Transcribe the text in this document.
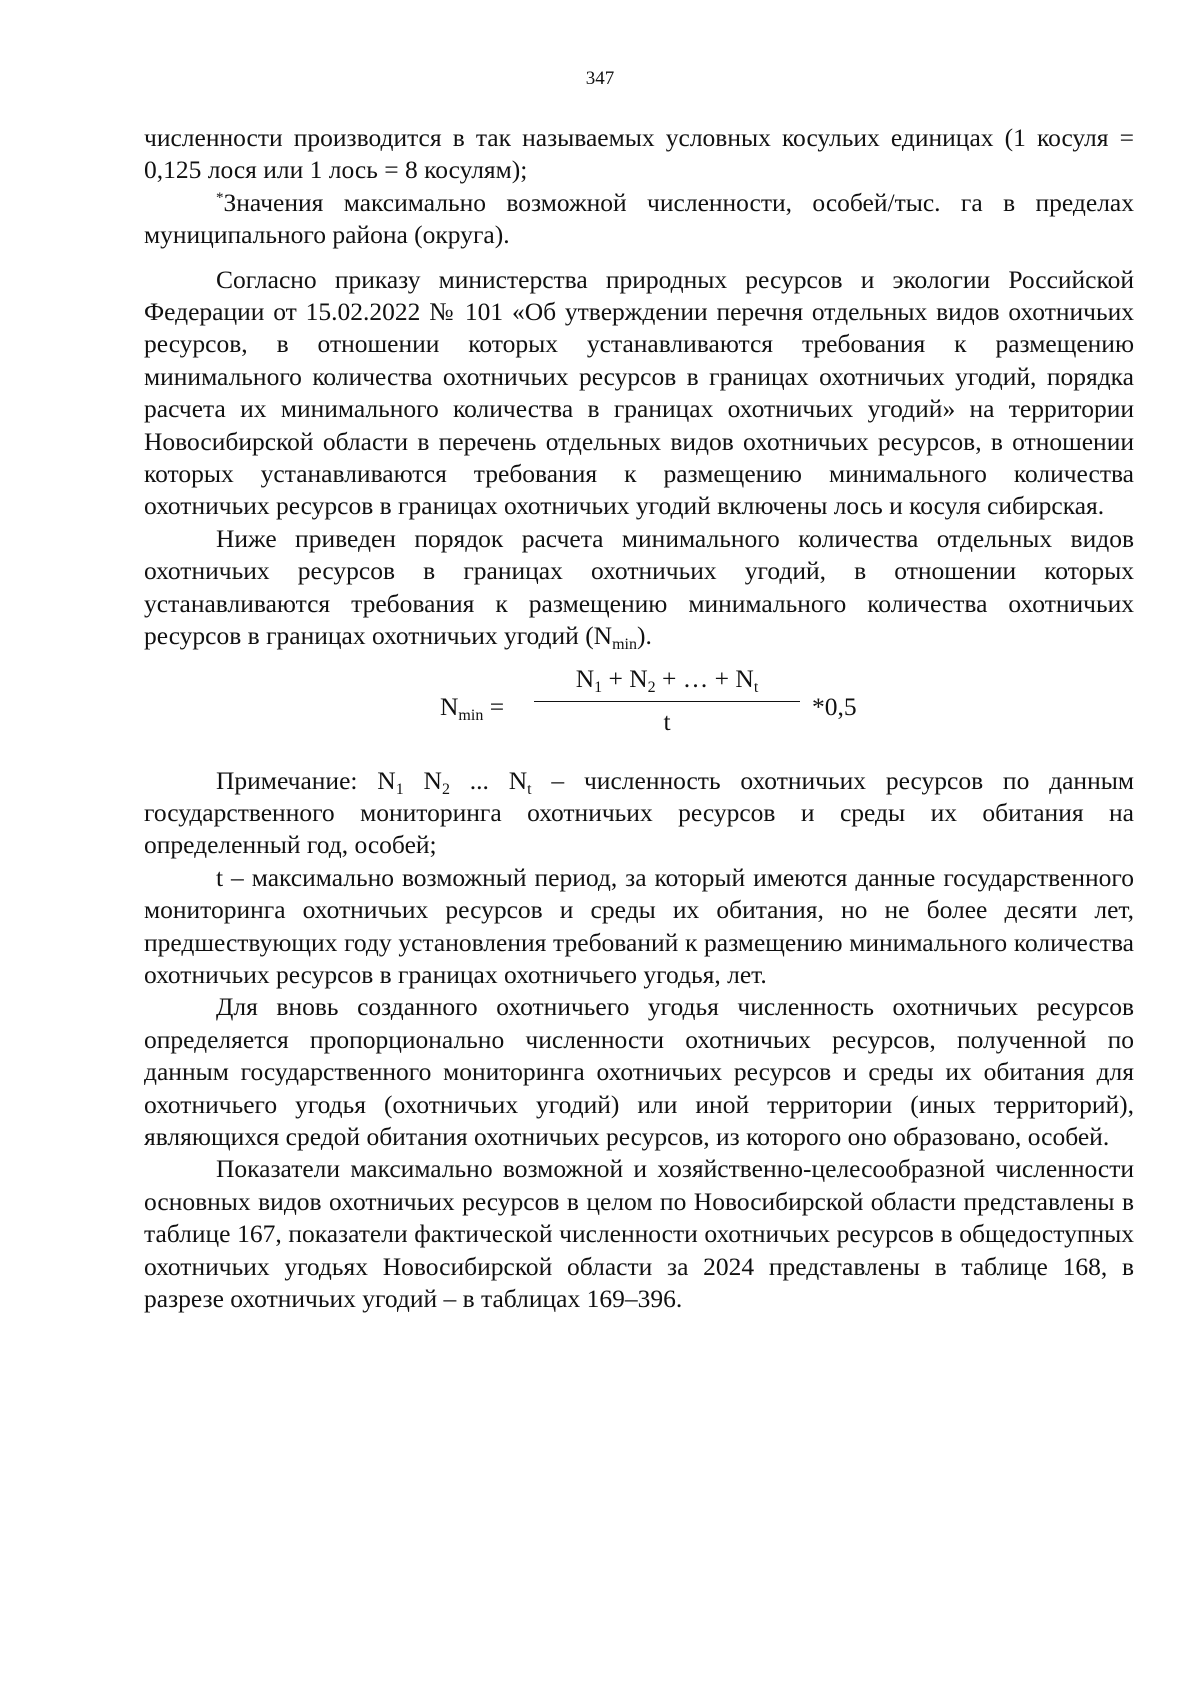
347

численности производится в так называемых условных косульих единицах (1 косуля = 0,125 лося или 1 лось = 8 косулям);

*Значения максимально возможной численности, особей/тыс. га в пределах муниципального района (округа).

Согласно приказу министерства природных ресурсов и экологии Российской Федерации от 15.02.2022 № 101 «Об утверждении перечня отдельных видов охотничьих ресурсов, в отношении которых устанавливаются требования к размещению минимального количества охотничьих ресурсов в границах охотничьих угодий, порядка расчета их минимального количества в границах охотничьих угодий» на территории Новосибирской области в перечень отдельных видов охотничьих ресурсов, в отношении которых устанавливаются требования к размещению минимального количества охотничьих ресурсов в границах охотничьих угодий включены лось и косуля сибирская.

Ниже приведен порядок расчета минимального количества отдельных видов охотничьих ресурсов в границах охотничьих угодий, в отношении которых устанавливаются требования к размещению минимального количества охотничьих ресурсов в границах охотничьих угодий $(N_{min})$.

$N_{min}$ =
$N_1 + N_2$ + … + $N_t$
t
*0,5

Примечание: $N_1$ $N_2$ ... $N_t$ – численность охотничьих ресурсов по данным государственного мониторинга охотничьих ресурсов и среды их обитания на определенный год, особей;

t – максимально возможный период, за который имеются данные государственного мониторинга охотничьих ресурсов и среды их обитания, но не более десяти лет, предшествующих году установления требований к размещению минимального количества охотничьих ресурсов в границах охотничьего угодья, лет.

Для вновь созданного охотничьего угодья численность охотничьих ресурсов определяется пропорционально численности охотничьих ресурсов, полученной по данным государственного мониторинга охотничьих ресурсов и среды их обитания для охотничьего угодья (охотничьих угодий) или иной территории (иных территорий), являющихся средой обитания охотничьих ресурсов, из которого оно образовано, особей.

Показатели максимально возможной и хозяйственно-целесообразной численности основных видов охотничьих ресурсов в целом по Новосибирской области представлены в таблице 167, показатели фактической численности охотничьих ресурсов в общедоступных охотничьих угодьях Новосибирской области за 2024 представлены в таблице 168, в разрезе охотничьих угодий – в таблицах 169–396.
